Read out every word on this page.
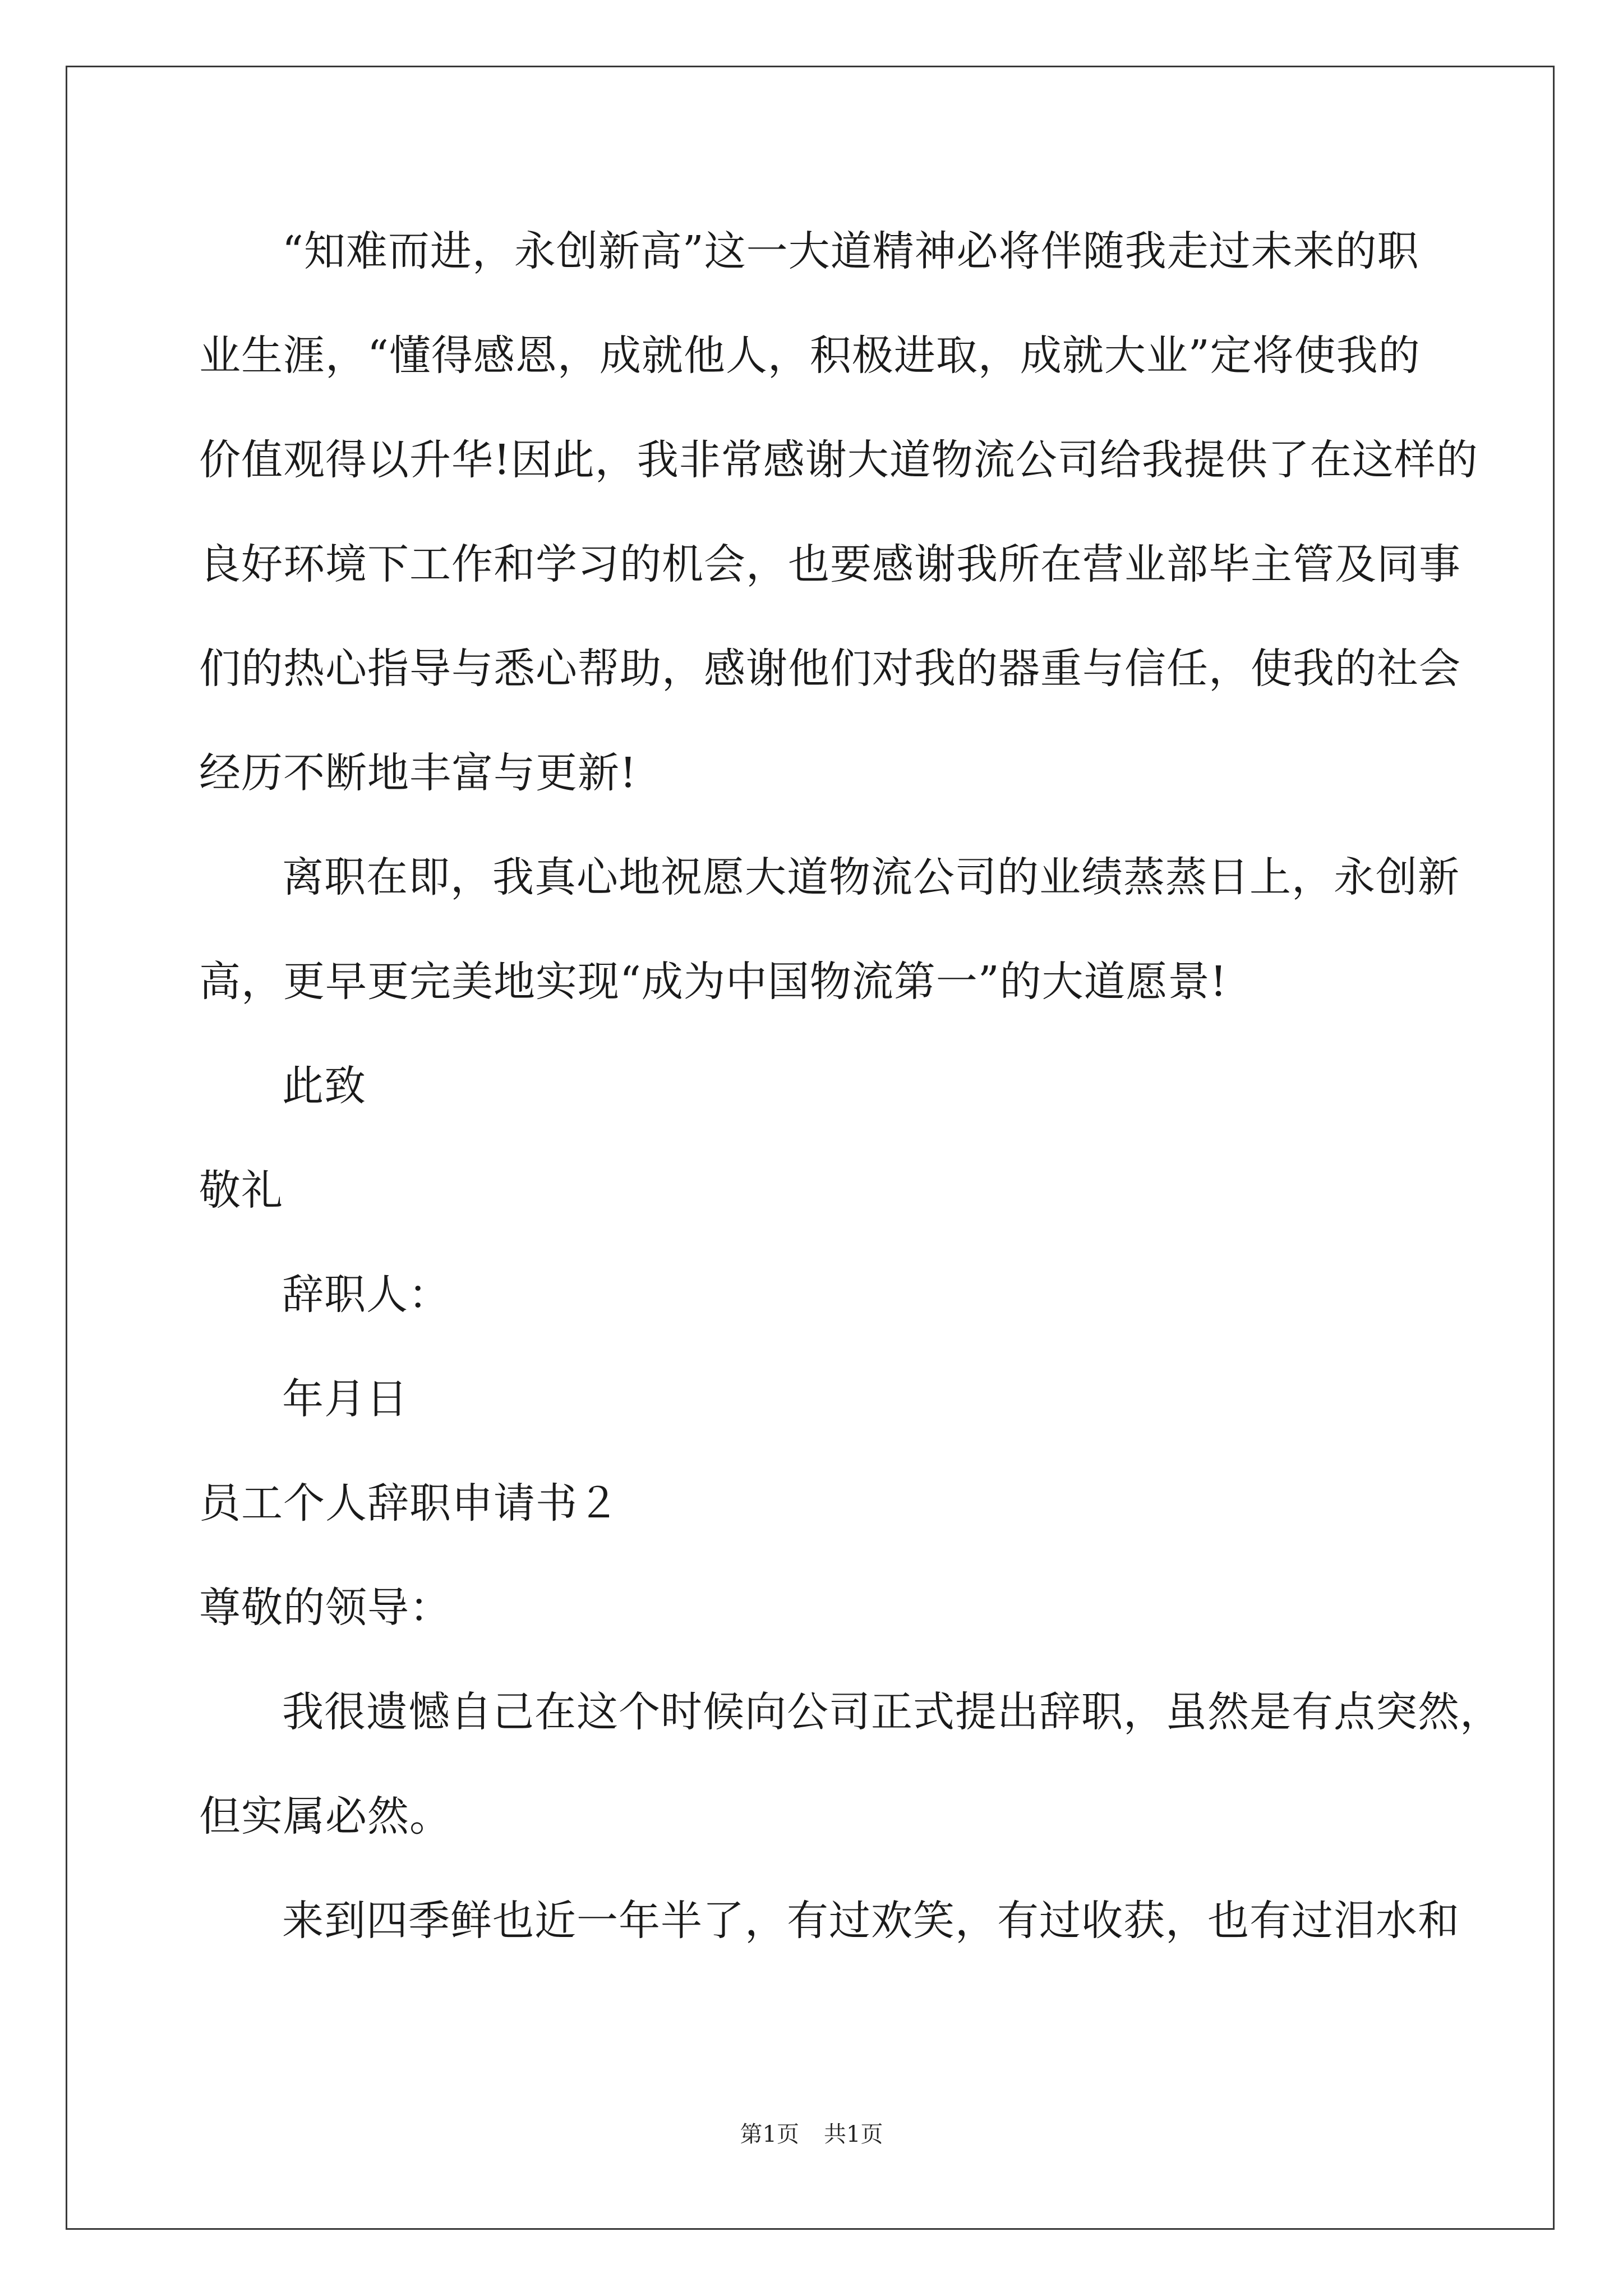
“知难而进，永创新高”这一大道精神必将伴随我走过未来的职
业生涯，“懂得感恩，成就他人，积极进取，成就大业”定将使我的
价值观得以升华!因此，我非常感谢大道物流公司给我提供了在这样的
良好环境下工作和学习的机会，也要感谢我所在营业部毕主管及同事
们的热心指导与悉心帮助，感谢他们对我的器重与信任，使我的社会
经历不断地丰富与更新!
离职在即，我真心地祝愿大道物流公司的业绩蒸蒸日上，永创新
高，更早更完美地实现“成为中国物流第一”的大道愿景!
此致
敬礼
辞职人：
年月日
员工个人辞职申请书２
尊敬的领导：
我很遗憾自己在这个时候向公司正式提出辞职，虽然是有点突然，
但实属必然。
来到四季鲜也近一年半了，有过欢笑，有过收获，也有过泪水和
第1页 共1页
